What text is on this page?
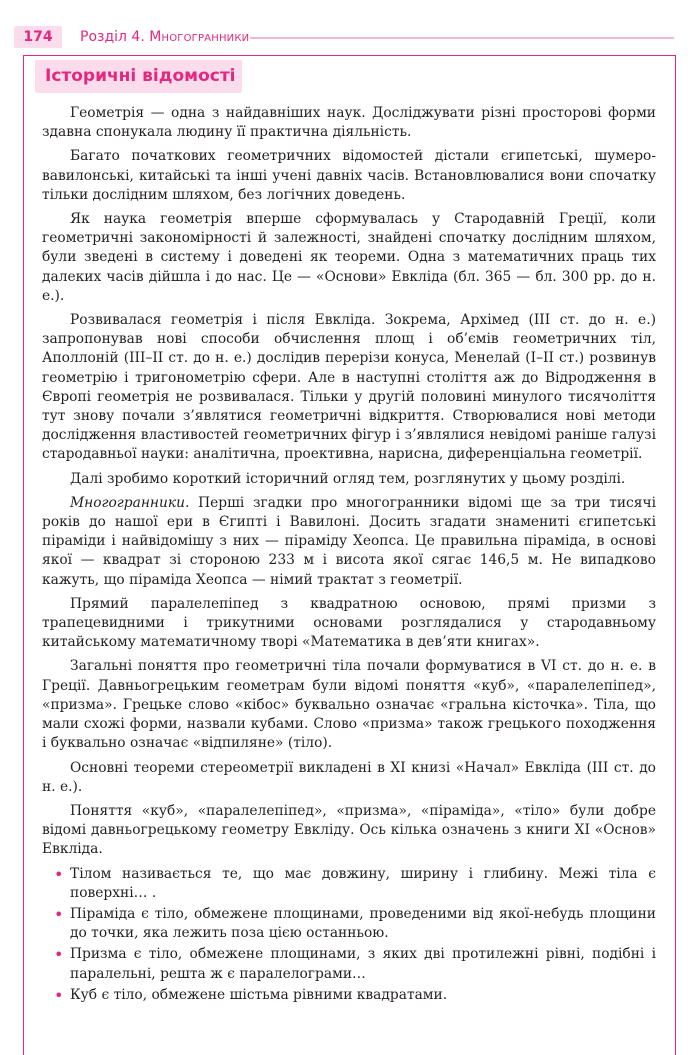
174	Розділ 4. Многогранники
Історичні відомості

Геометрія — одна з найдавніших наук. Досліджувати різні просторові форми здавна спонукала людину її практична діяльність.

Багато початкових геометричних відомостей дістали єгипетські, шумеро-вавилонські, китайські та інші учені давніх часів. Встановлювалися вони спочатку тільки дослідним шляхом, без логічних доведень.

Як наука геометрія вперше сформувалась у Стародавній Греції, коли геометричні закономірності й залежності, знайдені спочатку дослідним шляхом, були зведені в систему і доведені як теореми. Одна з математичних праць тих далеких часів дійшла і до нас. Це — «Основи» Евкліда (бл. 365 — бл. 300 рр. до н. е.).

Розвивалася геометрія і після Евкліда. Зокрема, Архімед (III ст. до н. е.) запропонував нові способи обчислення площ і об’ємів геометричних тіл, Аполлоній (III–II ст. до н. е.) дослідив перерізи конуса, Менелай (I–II ст.) розвинув геометрію і тригонометрію сфери. Але в наступні століття аж до Відродження в Європі геометрія не розвивалася. Тільки у другій половині минулого тисячоліття тут знову почали з’являтися геометричні відкриття. Створювалися нові методи дослідження властивостей геометричних фігур і з’являлися невідомі раніше галузі стародавньої науки: аналітична, проективна, нарисна, диференціальна геометрії.

Далі зробимо короткий історичний огляд тем, розглянутих у цьому розділі.

Многогранники. Перші згадки про многогранники відомі ще за три тисячі років до нашої ери в Єгипті і Вавилоні. Досить згадати знамениті єгипетські піраміди і найвідомішу з них — піраміду Хеопса. Це правильна піраміда, в основі якої — квадрат зі стороною 233 м і висота якої сягає 146,5 м. Не випадково кажуть, що піраміда Хеопса — німий трактат з геометрії.

Прямий паралелепіпед з квадратною основою, прямі призми з трапецевидними і трикутними основами розглядалися у стародавньому китайському математичному творі «Математика в дев’яти книгах».

Загальні поняття про геометричні тіла почали формуватися в VI ст. до н. е. в Греції. Давньогрецьким геометрам були відомі поняття «куб», «паралелепіпед», «призма». Грецьке слово «кібос» буквально означає «гральна кісточка». Тіла, що мали схожі форми, назвали кубами. Слово «призма» також грецького походження і буквально означає «відпиляне» (тіло).

Основні теореми стереометрії викладені в XI книзі «Начал» Евкліда (III ст. до н. е.).

Поняття «куб», «паралелепіпед», «призма», «піраміда», «тіло» були добре відомі давньогрецькому геометру Евкліду. Ось кілька означень з книги XI «Основ» Евкліда.

• Тілом називається те, що має довжину, ширину і глибину. Межі тіла є поверхні… .
• Піраміда є тіло, обмежене площинами, проведеними від якої-небудь площини до точки, яка лежить поза цією останньою.
• Призма є тіло, обмежене площинами, з яких дві протилежні рівні, подібні і паралельні, решта ж є паралелограми…
• Куб є тіло, обмежене шістьма рівними квадратами.
